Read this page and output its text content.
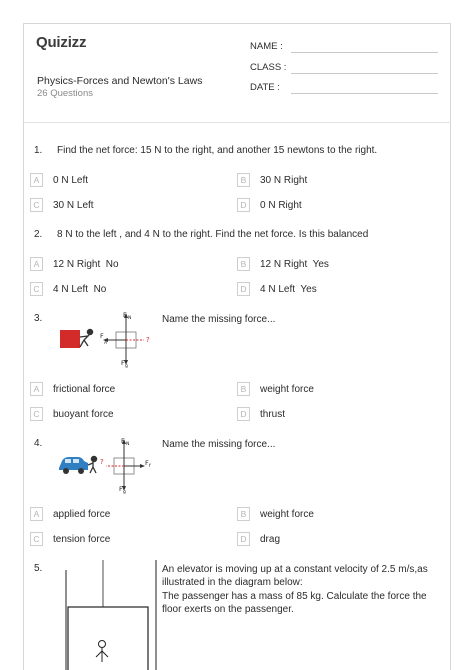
Quizizz
Physics-Forces and Newton's Laws
26 Questions
NAME :
CLASS :
DATE :
1. Find the net force: 15 N to the right, and another 15 newtons to the right.
A	0 N Left	B	30 N Right
C	30 N Left	D	0 N Right
2. 8 N to the left , and 4 N to the right. Find the net force. Is this balanced
A	12 N Right  No	B	12 N Right  Yes
C	4 N Left  No	D	4 N Left  Yes
3.	Name the missing force...
F N
F
A
F g
?
A	frictional force	B	weight force
C	buoyant force	D	thrust
4.	Name the missing force...
F N
F f
F g
?
A	applied force	B	weight force
C	tension force	D	drag
5.	An elevator is moving up at a constant velocity of 2.5 m/s,as
illustrated in the diagram below:
The passenger has a mass of 85 kg. Calculate the force the
floor exerts on the passenger.
